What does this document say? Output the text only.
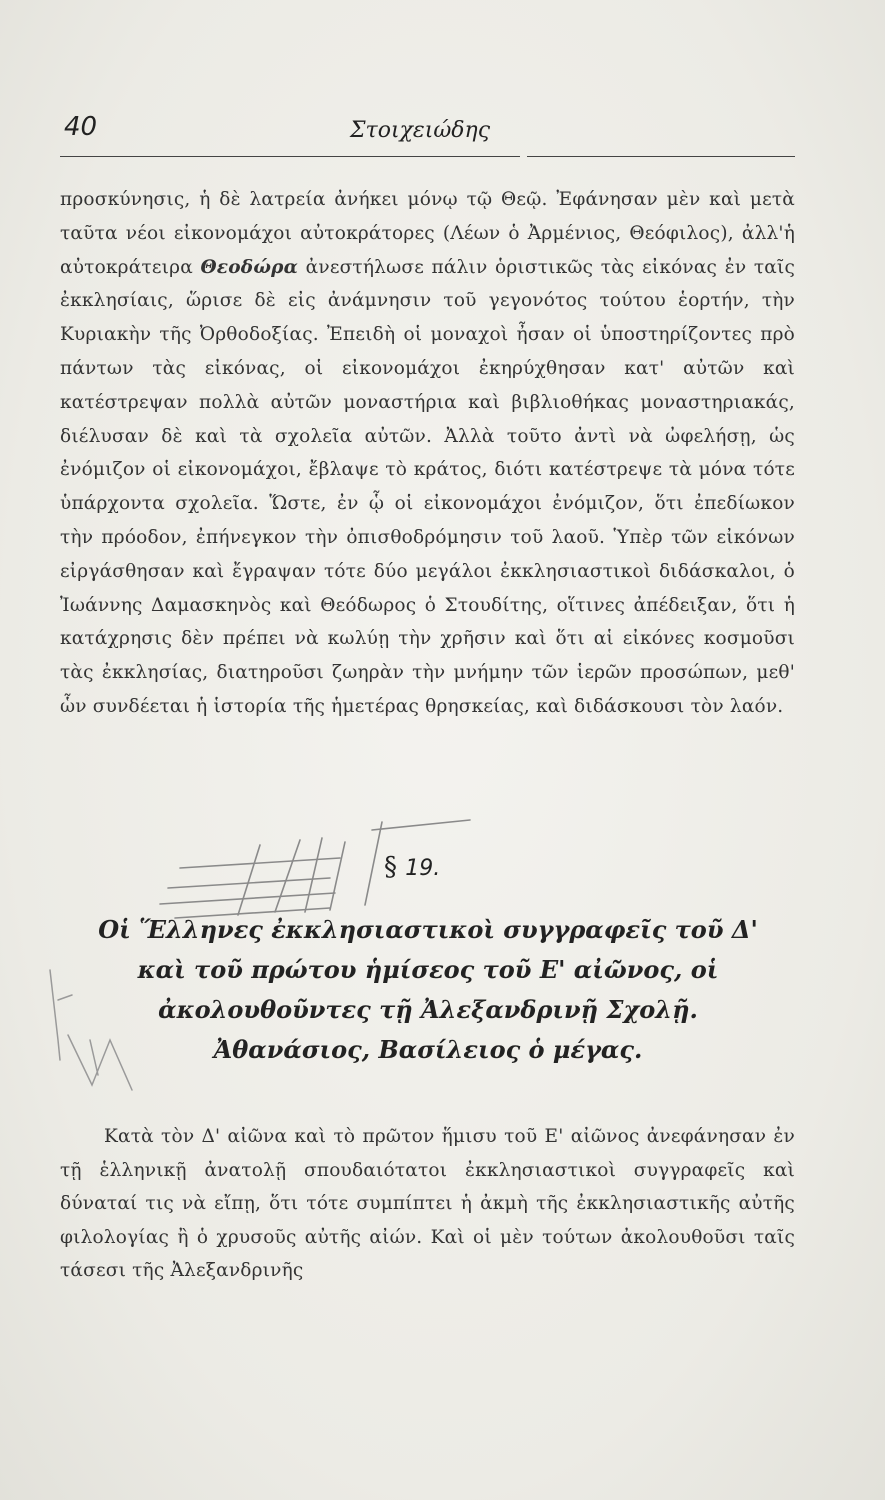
40	Στοιχειώδης
προσκύνησις, ἡ δὲ λατρεία ἀνήκει μόνῳ τῷ Θεῷ. Ἐφάνησαν μὲν καὶ μετὰ ταῦτα νέοι εἰκονομάχοι αὐτοκράτορες (Λέων ὁ Ἀρμένιος, Θεόφιλος), ἀλλ'ἡ αὐτοκράτειρα Θεοδώρα ἀνεστήλωσε πάλιν ὁριστικῶς τὰς εἰκόνας ἐν ταῖς ἐκκλησίαις, ὥρισε δὲ εἰς ἀνάμνησιν τοῦ γεγονότος τούτου ἑορτήν, τὴν Κυριακὴν τῆς Ὀρθοδοξίας. Ἐπειδὴ οἱ μοναχοὶ ἦσαν οἱ ὑποστηρίζοντες πρὸ πάντων τὰς εἰκόνας, οἱ εἰκονομάχοι ἐκηρύχθησαν κατ' αὐτῶν καὶ κατέστρεψαν πολλὰ αὐτῶν μοναστήρια καὶ βιβλιοθήκας μοναστηριακάς, διέλυσαν δὲ καὶ τὰ σχολεῖα αὐτῶν. Ἀλλὰ τοῦτο ἀντὶ νὰ ὠφελήσῃ, ὡς ἐνόμιζον οἱ εἰκονομάχοι, ἔβλαψε τὸ κράτος, διότι κατέστρεψε τὰ μόνα τότε ὑπάρχοντα σχολεῖα. Ὥστε, ἐν ᾧ οἱ εἰκονομάχοι ἐνόμιζον, ὅτι ἐπεδίωκον τὴν πρόοδον, ἐπήνεγκον τὴν ὀπισθοδρόμησιν τοῦ λαοῦ. Ὑπὲρ τῶν εἰκόνων εἰργάσθησαν καὶ ἔγραψαν τότε δύο μεγάλοι ἐκκλησιαστικοὶ διδάσκαλοι, ὁ Ἰωάννης Δαμασκηνὸς καὶ Θεόδωρος ὁ Στουδίτης, οἵτινες ἀπέδειξαν, ὅτι ἡ κατάχρησις δὲν πρέπει νὰ κωλύῃ τὴν χρῆσιν καὶ ὅτι αἱ εἰκόνες κοσμοῦσι τὰς ἐκκλησίας, διατηροῦσι ζωηρὰν τὴν μνήμην τῶν ἱερῶν προσώπων, μεθ' ὧν συνδέεται ἡ ἱστορία τῆς ἡμετέρας θρησκείας, καὶ διδάσκουσι τὸν λαόν.
§ 19.
Οἱ Ἕλληνες ἐκκλησιαστικοὶ συγγραφεῖς τοῦ Δ'
καὶ τοῦ πρώτου ἡμίσεος τοῦ Ε' αἰῶνος, οἱ
ἀκολουθοῦντες τῇ Ἀλεξανδρινῇ Σχολῇ.
Ἀθανάσιος, Βασίλειος ὁ μέγας.
Κατὰ τὸν Δ' αἰῶνα καὶ τὸ πρῶτον ἥμισυ τοῦ Ε' αἰῶνος ἀνεφάνησαν ἐν τῇ ἑλληνικῇ ἀνατολῇ σπουδαιότατοι ἐκκλησιαστικοὶ συγγραφεῖς καὶ δύναταί τις νὰ εἴπῃ, ὅτι τότε συμπίπτει ἡ ἀκμὴ τῆς ἐκκλησιαστικῆς αὐτῆς φιλολογίας ἢ ὁ χρυσοῦς αὐτῆς αἰών. Καὶ οἱ μὲν τούτων ἀκολουθοῦσι ταῖς τάσεσι τῆς Ἀλεξανδρινῆς
